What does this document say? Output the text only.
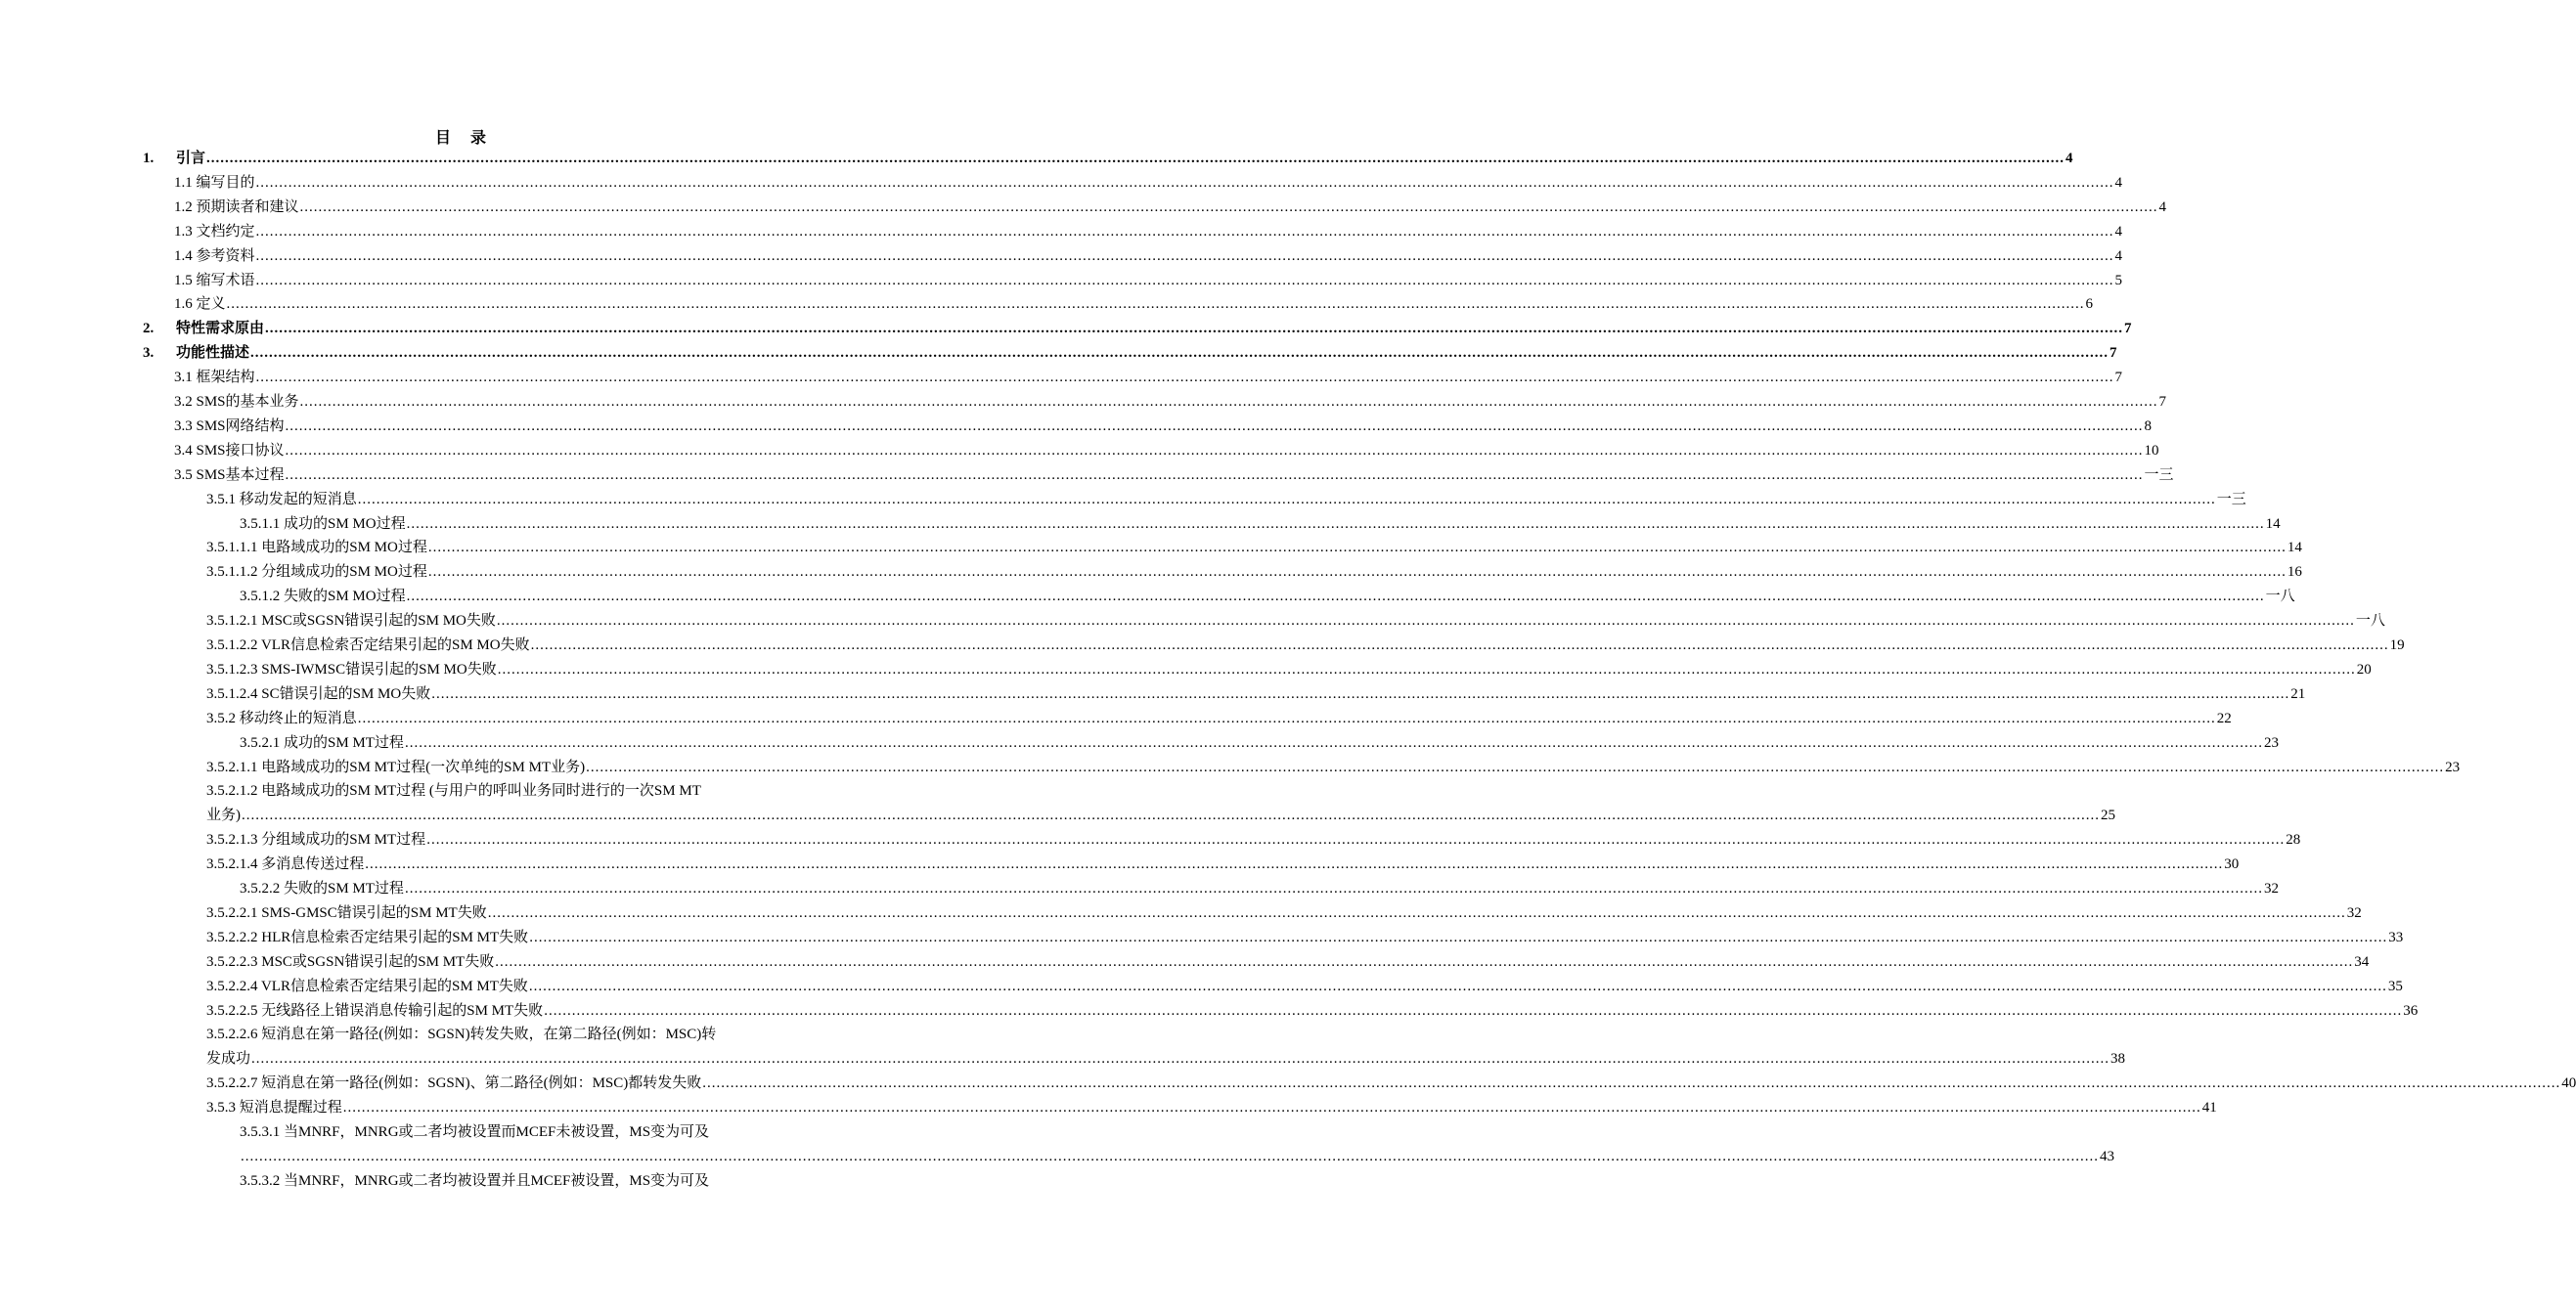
目 录
1. 引言 ................................................................................................................................................................................................................................................................................................................................................................................................................ 4
1.1 编写目的 ................................................................................................................................................................................................................................................................................................................................................................................................................ 4
1.2 预期读者和建议 ................................................................................................................................................................................................................................................................................................................................................................................................................ 4
1.3 文档约定 ................................................................................................................................................................................................................................................................................................................................................................................................................ 4
1.4 参考资料 ................................................................................................................................................................................................................................................................................................................................................................................................................ 4
1.5 缩写术语 ................................................................................................................................................................................................................................................................................................................................................................................................................ 5
1.6 定义 ................................................................................................................................................................................................................................................................................................................................................................................................................ 6
2. 特性需求原由 ................................................................................................................................................................................................................................................................................................................................................................................................................ 7
3. 功能性描述 ................................................................................................................................................................................................................................................................................................................................................................................................................ 7
3.1 框架结构 ................................................................................................................................................................................................................................................................................................................................................................................................................ 7
3.2 SMS的基本业务 ................................................................................................................................................................................................................................................................................................................................................................................................................ 7
3.3 SMS网络结构 ................................................................................................................................................................................................................................................................................................................................................................................................................ 8
3.4 SMS接口协议 ................................................................................................................................................................................................................................................................................................................................................................................................................ 10
3.5 SMS基本过程 ................................................................................................................................................................................................................................................................................................................................................................................................................ 一三
3.5.1 移动发起的短消息 ................................................................................................................................................................................................................................................................................................................................................................................................................ 一三
3.5.1.1 成功的SM MO过程 ................................................................................................................................................................................................................................................................................................................................................................................................................ 14
3.5.1.1.1 电路域成功的SM MO过程 ................................................................................................................................................................................................................................................................................................................................................................................................................ 14
3.5.1.1.2 分组域成功的SM MO过程 ................................................................................................................................................................................................................................................................................................................................................................................................................ 16
3.5.1.2 失败的SM MO过程 ................................................................................................................................................................................................................................................................................................................................................................................................................ 一八
3.5.1.2.1 MSC或SGSN错误引起的SM MO失败 ................................................................................................................................................................................................................................................................................................................................................................................................................ 一八
3.5.1.2.2 VLR信息检索否定结果引起的SM MO失败 ................................................................................................................................................................................................................................................................................................................................................................................................................ 19
3.5.1.2.3 SMS-IWMSC错误引起的SM MO失败 ................................................................................................................................................................................................................................................................................................................................................................................................................ 20
3.5.1.2.4 SC错误引起的SM MO失败 ................................................................................................................................................................................................................................................................................................................................................................................................................ 21
3.5.2 移动终止的短消息 ................................................................................................................................................................................................................................................................................................................................................................................................................ 22
3.5.2.1 成功的SM MT过程 ................................................................................................................................................................................................................................................................................................................................................................................................................ 23
3.5.2.1.1 电路域成功的SM MT过程(一次单纯的SM MT业务) ................................................................................................................................................................................................................................................................................................................................................................................................................ 23
3.5.2.1.2 电路域成功的SM MT过程 (与用户的呼叫业务同时进行的一次SM MT
业务) ................................................................................................................................................................................................................................................................................................................................................................................................................ 25
3.5.2.1.3 分组域成功的SM MT过程 ................................................................................................................................................................................................................................................................................................................................................................................................................ 28
3.5.2.1.4 多消息传送过程 ................................................................................................................................................................................................................................................................................................................................................................................................................ 30
3.5.2.2 失败的SM MT过程 ................................................................................................................................................................................................................................................................................................................................................................................................................ 32
3.5.2.2.1 SMS-GMSC错误引起的SM MT失败 ................................................................................................................................................................................................................................................................................................................................................................................................................ 32
3.5.2.2.2 HLR信息检索否定结果引起的SM MT失败 ................................................................................................................................................................................................................................................................................................................................................................................................................ 33
3.5.2.2.3 MSC或SGSN错误引起的SM MT失败 ................................................................................................................................................................................................................................................................................................................................................................................................................ 34
3.5.2.2.4 VLR信息检索否定结果引起的SM MT失败 ................................................................................................................................................................................................................................................................................................................................................................................................................ 35
3.5.2.2.5 无线路径上错误消息传输引起的SM MT失败 ................................................................................................................................................................................................................................................................................................................................................................................................................ 36
3.5.2.2.6 短消息在第一路径(例如：SGSN)转发失败，在第二路径(例如：MSC)转
发成功 ................................................................................................................................................................................................................................................................................................................................................................................................................ 38
3.5.2.2.7 短消息在第一路径(例如：SGSN)、第二路径(例如：MSC)都转发失败 ................................................................................................................................................................................................................................................................................................................................................................................................................ 40
3.5.3 短消息提醒过程 ................................................................................................................................................................................................................................................................................................................................................................................................................ 41
3.5.3.1 当MNRF，MNRG或二者均被设置而MCEF未被设置，MS变为可及
................................................................................................................................................................................................................................................................................................................................................................................................................ 43
3.5.3.2 当MNRF，MNRG或二者均被设置并且MCEF被设置，MS变为可及
